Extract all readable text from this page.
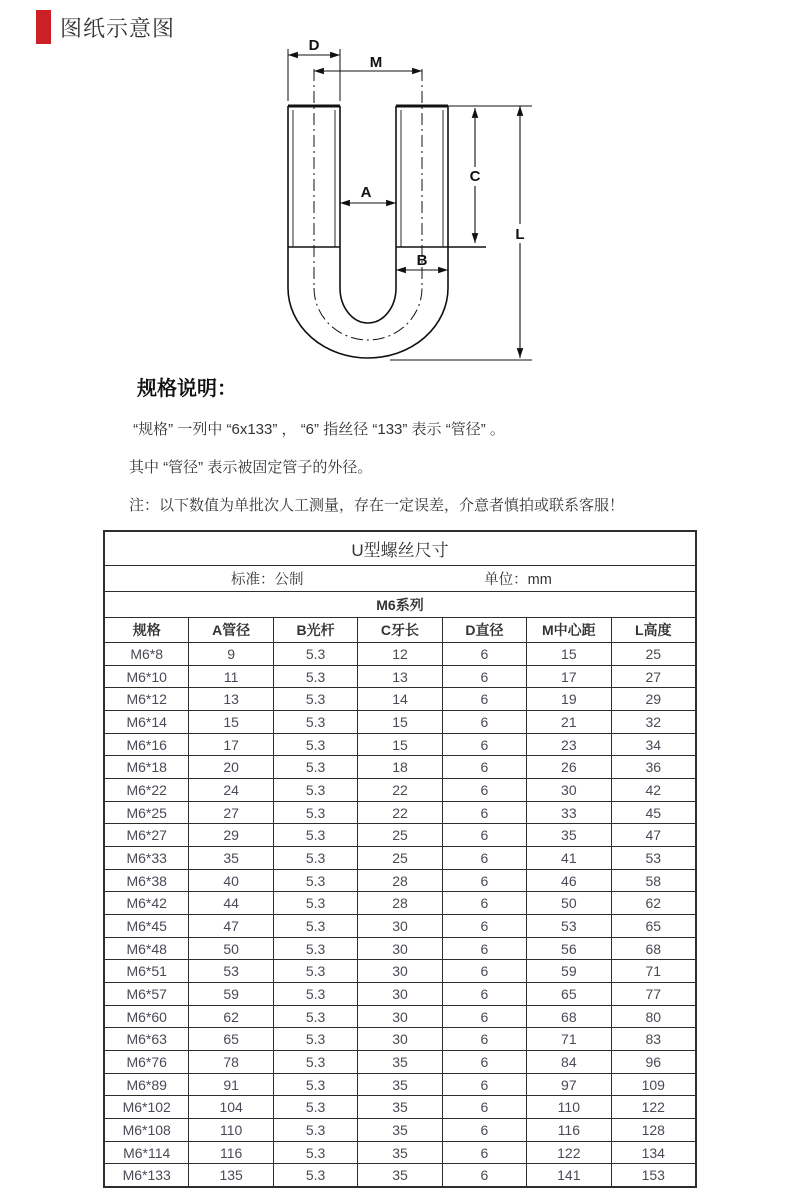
图纸示意图
D
M
A
B
C
L

规格说明：

“规格” 一列中 “6x133” ， “6” 指丝径 “133” 表示 “管径” 。

其中 “管径” 表示被固定管子的外径。

注：以下数值为单批次人工测量，存在一定误差，介意者慎拍或联系客服！

U型螺丝尺寸
标准：公制	单位：mm
M6系列
规格	A管径	B光杆	C牙长	D直径	M中心距	L高度
M6*8	9	5.3	12	6	15	25
M6*10	11	5.3	13	6	17	27
M6*12	13	5.3	14	6	19	29
M6*14	15	5.3	15	6	21	32
M6*16	17	5.3	15	6	23	34
M6*18	20	5.3	18	6	26	36
M6*22	24	5.3	22	6	30	42
M6*25	27	5.3	22	6	33	45
M6*27	29	5.3	25	6	35	47
M6*33	35	5.3	25	6	41	53
M6*38	40	5.3	28	6	46	58
M6*42	44	5.3	28	6	50	62
M6*45	47	5.3	30	6	53	65
M6*48	50	5.3	30	6	56	68
M6*51	53	5.3	30	6	59	71
M6*57	59	5.3	30	6	65	77
M6*60	62	5.3	30	6	68	80
M6*63	65	5.3	30	6	71	83
M6*76	78	5.3	35	6	84	96
M6*89	91	5.3	35	6	97	109
M6*102	104	5.3	35	6	110	122
M6*108	110	5.3	35	6	116	128
M6*114	116	5.3	35	6	122	134
M6*133	135	5.3	35	6	141	153
